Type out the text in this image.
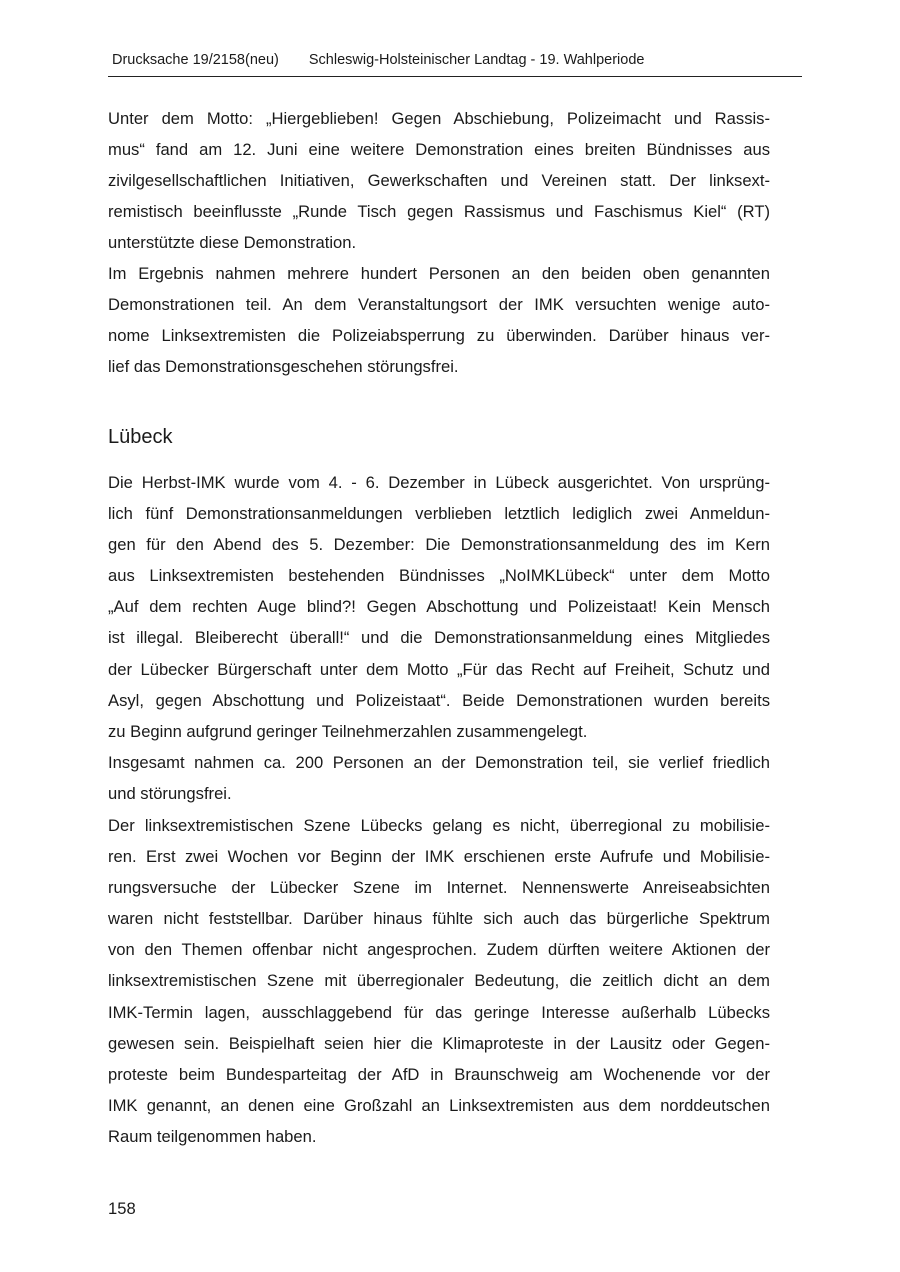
Drucksache 19/2158(neu) Schleswig-Holsteinischer Landtag - 19. Wahlperiode
Unter dem Motto: „Hiergeblieben! Gegen Abschiebung, Polizeimacht und Rassis-
mus“ fand am 12. Juni eine weitere Demonstration eines breiten Bündnisses aus
zivilgesellschaftlichen Initiativen, Gewerkschaften und Vereinen statt. Der linksext-
remistisch beeinflusste „Runde Tisch gegen Rassismus und Faschismus Kiel“ (RT)
unterstützte diese Demonstration.
Im Ergebnis nahmen mehrere hundert Personen an den beiden oben genannten
Demonstrationen teil. An dem Veranstaltungsort der IMK versuchten wenige auto-
nome Linksextremisten die Polizeiabsperrung zu überwinden. Darüber hinaus ver-
lief das Demonstrationsgeschehen störungsfrei.
Lübeck
Die Herbst-IMK wurde vom 4. - 6. Dezember in Lübeck ausgerichtet. Von ursprüng-
lich fünf Demonstrationsanmeldungen verblieben letztlich lediglich zwei Anmeldun-
gen für den Abend des 5. Dezember: Die Demonstrationsanmeldung des im Kern
aus Linksextremisten bestehenden Bündnisses „NoIMKLübeck“ unter dem Motto
„Auf dem rechten Auge blind?! Gegen Abschottung und Polizeistaat! Kein Mensch
ist illegal. Bleiberecht überall!“ und die Demonstrationsanmeldung eines Mitgliedes
der Lübecker Bürgerschaft unter dem Motto „Für das Recht auf Freiheit, Schutz und
Asyl, gegen Abschottung und Polizeistaat“. Beide Demonstrationen wurden bereits
zu Beginn aufgrund geringer Teilnehmerzahlen zusammengelegt.
Insgesamt nahmen ca. 200 Personen an der Demonstration teil, sie verlief friedlich
und störungsfrei.
Der linksextremistischen Szene Lübecks gelang es nicht, überregional zu mobilisie-
ren. Erst zwei Wochen vor Beginn der IMK erschienen erste Aufrufe und Mobilisie-
rungsversuche der Lübecker Szene im Internet. Nennenswerte Anreiseabsichten
waren nicht feststellbar. Darüber hinaus fühlte sich auch das bürgerliche Spektrum
von den Themen offenbar nicht angesprochen. Zudem dürften weitere Aktionen der
linksextremistischen Szene mit überregionaler Bedeutung, die zeitlich dicht an dem
IMK-Termin lagen, ausschlaggebend für das geringe Interesse außerhalb Lübecks
gewesen sein. Beispielhaft seien hier die Klimaproteste in der Lausitz oder Gegen-
proteste beim Bundesparteitag der AfD in Braunschweig am Wochenende vor der
IMK genannt, an denen eine Großzahl an Linksextremisten aus dem norddeutschen
Raum teilgenommen haben.
158
